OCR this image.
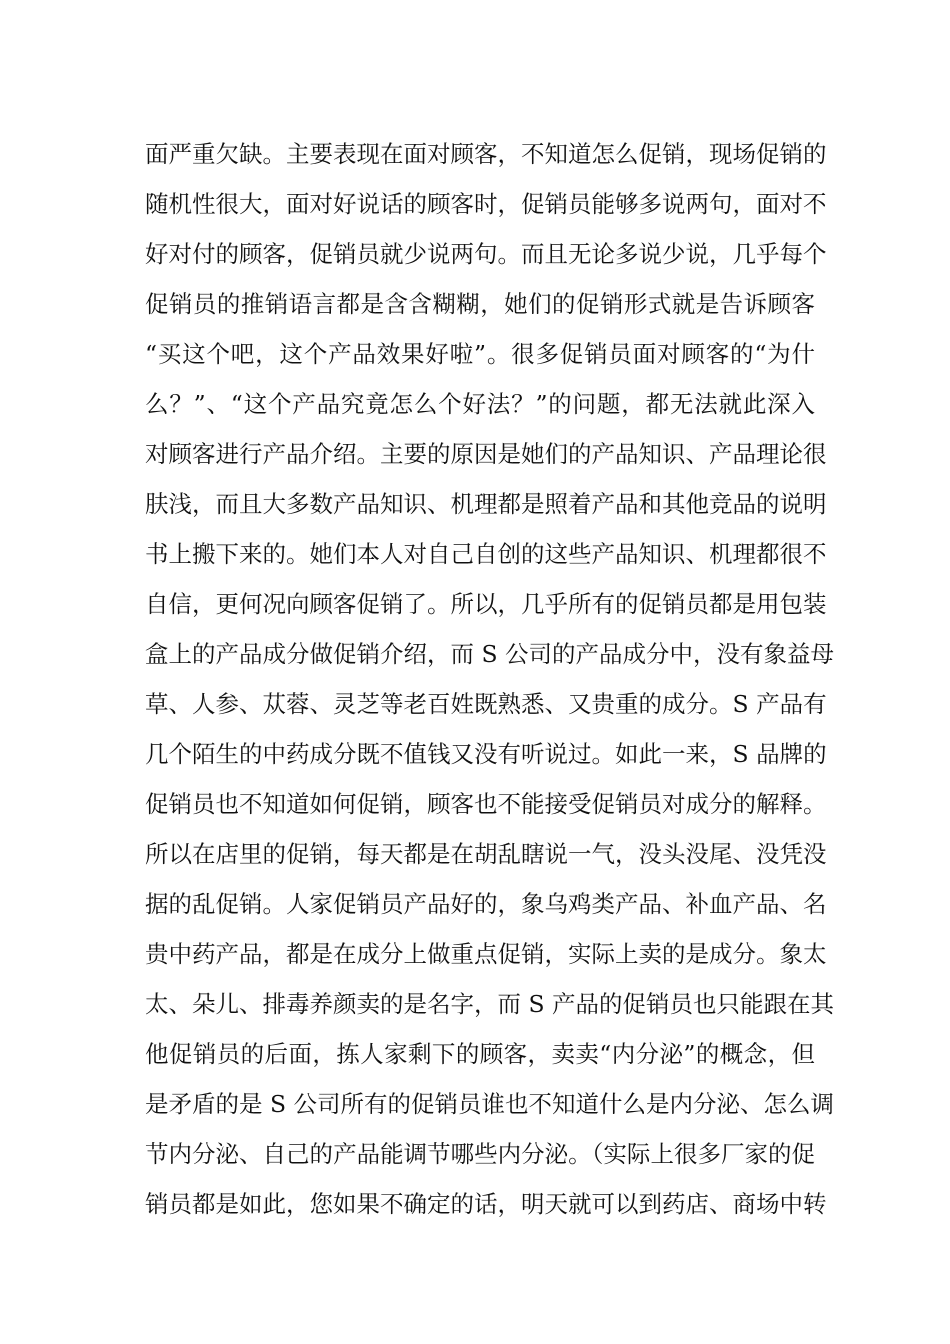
面严重欠缺。主要表现在面对顾客，不知道怎么促销，现场促销的
随机性很大，面对好说话的顾客时，促销员能够多说两句，面对不
好对付的顾客，促销员就少说两句。而且无论多说少说，几乎每个
促销员的推销语言都是含含糊糊，她们的促销形式就是告诉顾客
“买这个吧，这个产品效果好啦”。很多促销员面对顾客的“为什
么？”、“这个产品究竟怎么个好法？”的问题，都无法就此深入
对顾客进行产品介绍。主要的原因是她们的产品知识、产品理论很
肤浅，而且大多数产品知识、机理都是照着产品和其他竞品的说明
书上搬下来的。她们本人对自己自创的这些产品知识、机理都很不
自信，更何况向顾客促销了。所以，几乎所有的促销员都是用包装
盒上的产品成分做促销介绍，而 S 公司的产品成分中，没有象益母
草、人参、苁蓉、灵芝等老百姓既熟悉、又贵重的成分。S 产品有
几个陌生的中药成分既不值钱又没有听说过。如此一来，S 品牌的
促销员也不知道如何促销，顾客也不能接受促销员对成分的解释。
所以在店里的促销，每天都是在胡乱瞎说一气，没头没尾、没凭没
据的乱促销。人家促销员产品好的，象乌鸡类产品、补血产品、名
贵中药产品，都是在成分上做重点促销，实际上卖的是成分。象太
太、朵儿、排毒养颜卖的是名字，而 S 产品的促销员也只能跟在其
他促销员的后面，拣人家剩下的顾客，卖卖“内分泌”的概念，但
是矛盾的是 S 公司所有的促销员谁也不知道什么是内分泌、怎么调
节内分泌、自己的产品能调节哪些内分泌。（实际上很多厂家的促
销员都是如此，您如果不确定的话，明天就可以到药店、商场中转
